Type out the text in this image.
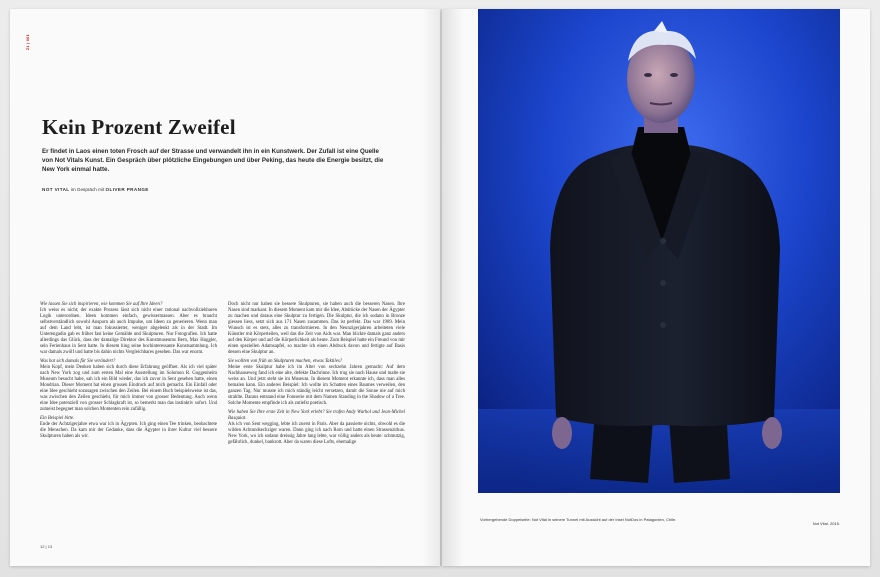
Z1 | 001
Kein Prozent Zweifel

Er findet in Laos einen toten Frosch auf der Strasse und verwandelt ihn in ein Kunstwerk. Der Zufall ist eine Quelle von Not Vitals Kunst. Ein Gespräch über plötzliche Eingebungen und über Peking, das heute die Energie besitzt, die New York einmal hatte.

NOT VITAL im Gespräch mit OLIVER PRANGE

Wie lassen Sie sich inspirieren, wie kommen Sie auf Ihre Ideen?
Ich weiss es nicht; der exakte Prozess lässt sich nicht einer rational nachvollziehbaren Logik unterordnen. Ideen kommen einfach, gewissermassen. Aber es braucht selbstverständlich sowohl Ansporn als auch Impulse, um Ideen zu generieren. Wenn man auf dem Land lebt, ist man fokussierter, weniger abgelenkt als in der Stadt. Im Unterengadin gab es früher fast keine Gemälde und Skulpturen. Nur Fotografien. Ich hatte allerdings das Glück, dass der damalige Direktor des Kunstmuseums Bern, Max Huggler, sein Ferienhaus in Sent hatte. In diesem hing seine hochinteressante Kunstsammlung. Ich war damals zwölf und hatte bis dahin nichts Vergleichbares gesehen. Das war enorm.

Was hat sich damals für Sie verändert?
Mein Kopf, mein Denken haben sich durch diese Erfahrung geöffnet. Als ich viel später nach New York zog und zum ersten Mal eine Ausstellung im Solomon R. Guggenheim Museum besucht habe, sah ich ein Bild wieder, das ich zuvor in Sent gesehen hatte, einen Mondrian. Dieser Moment hat einen grossen Eindruck auf mich gemacht. Ein Einfall oder eine Idee geschieht sozusagen zwischen den Zeilen. Bei einem Buch beispielsweise ist das, was zwischen den Zeilen geschieht, für mich immer von grosser Bedeutung. Auch wenn eine Idee potenziell von grosser Schlagkraft ist, so bemerkt man das instinktiv sofort. Und zumeist begegnet man solchen Momenten rein zufällig.

Ein Beispiel bitte.
Ende der Achtzigerjahre etwa war ich in Ägypten. Ich ging einen Tee trinken, beobachtete die Menschen. Da kam mir der Gedanke, dass die Ägypter in ihrer Kultur viel bessere Skulpturen haben als wir.

Doch nicht nur haben sie bessere Skulpturen, sie haben auch die besseren Nasen. Ihre Nasen sind markant. In diesem Moment kam mir die Idee, Abdrücke der Nasen der Ägypter zu machen und daraus eine Skulptur zu fertigen. Die Skulptur, die ich sodann in Bronze giessen liess, setzt sich aus 171 Nasen zusammen. Das ist perfekt. Das war 1989. Mein Wunsch ist es stets, alles zu transformieren. In den Neunzigerjahren arbeiteten viele Künstler mit Körperteilen, weil das die Zeit von Aids war. Man blickte damals ganz anders auf den Körper und auf die Körperlichkeit als heute. Zum Beispiel hatte ein Freund von mir einen speziellen Adamsapfel, so machte ich einen Abdruck davon und fertigte auf Basis dessen eine Skulptur an.

Sie wollten von früh an Skulpturen machen, etwas Taktiles?
Meine erste Skulptur habe ich im Alter von sechzehn Jahren gemacht: Auf dem Nachhauseweg fand ich eine alte, defekte Dachrinne. Ich trug sie nach Hause und malte sie weiss an. Und jetzt steht sie im Museum. In diesem Moment erkannte ich, dass man alles bemalen kann. Ein anderes Beispiel: Ich wollte im Schatten eines Baumes verweilen, den ganzen Tag. Nur musste ich mich ständig leicht versetzen, damit die Sonne nie auf mich strahlte. Daraus entstand eine Fotoserie mit dem Namen Standing in the Shadow of a Tree. Solche Momente empfinde ich als zutiefst poetisch.

Wie haben Sie Ihre erste Zeit in New York erlebt? Sie trafen Andy Warhol und Jean-Michel Basquiat.
Als ich von Sent wegging, lebte ich zuerst in Paris. Aber da passierte nichts, obwohl es die wilden Achtundsechziger waren. Dann ging ich nach Rom und hatte einen Strassenzirkus. New York, wo ich sodann dreissig Jahre lang lebte, war völlig anders als heute: schmutzig, gefährlich, dunkel, bankrott. Aber da waren diese Lofts, ehemalige

12 | 13

Vorhergehende Doppelseite: Not Vital in seinem Tunnel mit Aussicht auf der Insel NotDos in Patagonien, Chile.

Not Vital, 2015.
